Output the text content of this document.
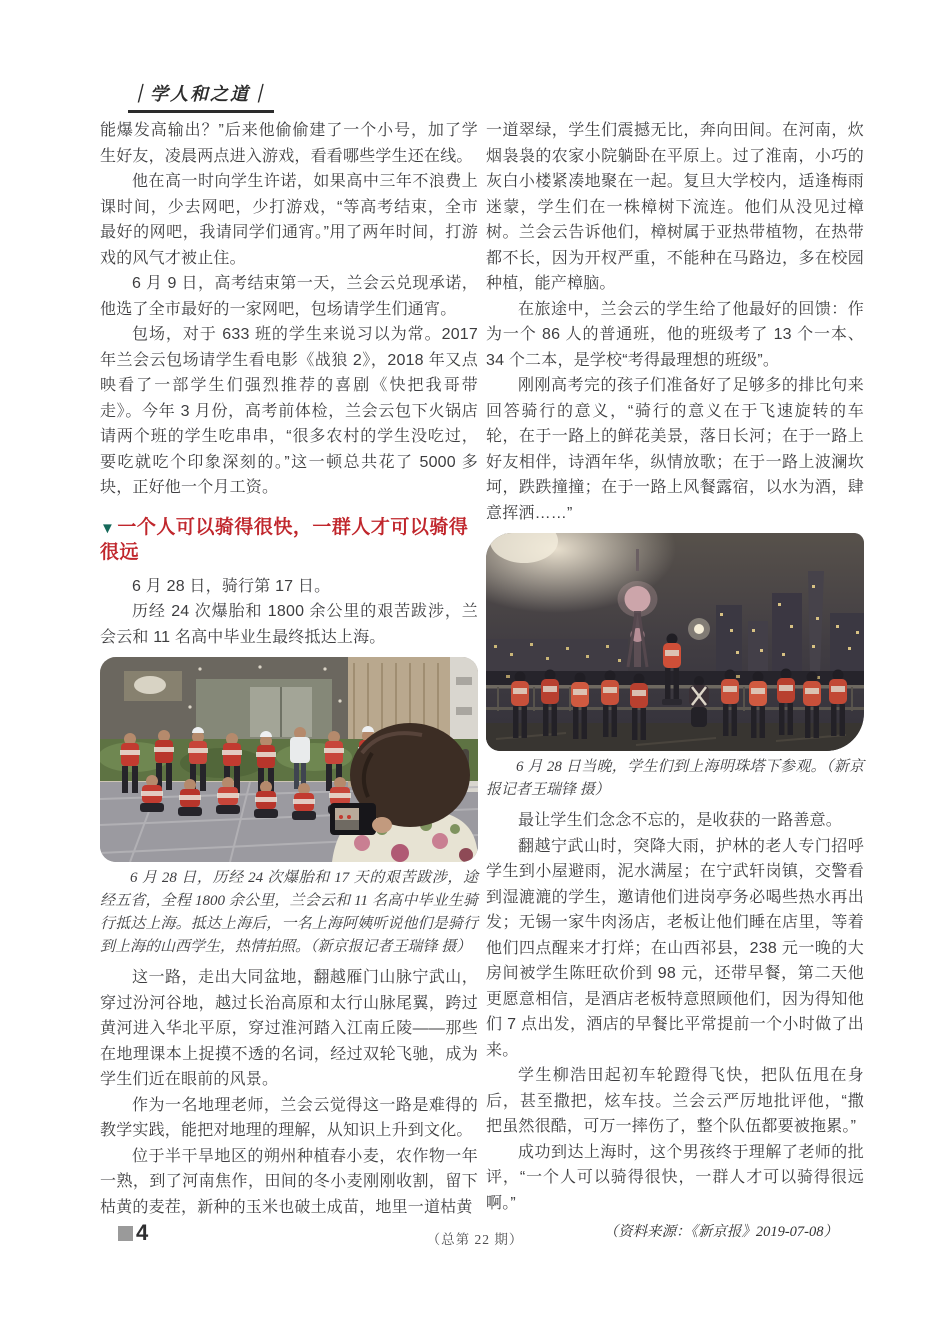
｜学人和之道｜

能爆发高输出？”后来他偷偷建了一个小号，加了学生好友，凌晨两点进入游戏，看看哪些学生还在线。

他在高一时向学生许诺，如果高中三年不浪费上课时间，少去网吧，少打游戏，“等高考结束，全市最好的网吧，我请同学们通宵。”用了两年时间，打游戏的风气才被止住。

6 月 9 日，高考结束第一天，兰会云兑现承诺，他选了全市最好的一家网吧，包场请学生们通宵。

包场，对于 633 班的学生来说习以为常。2017 年兰会云包场请学生看电影《战狼 2》，2018 年又点映看了一部学生们强烈推荐的喜剧《快把我哥带走》。今年 3 月份，高考前体检，兰会云包下火锅店请两个班的学生吃串串，“很多农村的学生没吃过，要吃就吃个印象深刻的。”这一顿总共花了 5000 多块，正好他一个月工资。

▼ 一个人可以骑得很快，一群人才可以骑得很远

6 月 28 日，骑行第 17 日。

历经 24 次爆胎和 1800 余公里的艰苦跋涉，兰会云和 11 名高中毕业生最终抵达上海。

6 月 28 日，历经 24 次爆胎和 17 天的艰苦跋涉，途经五省，全程 1800 余公里，兰会云和 11 名高中毕业生骑行抵达上海。抵达上海后，一名上海阿姨听说他们是骑行到上海的山西学生，热情拍照。（新京报记者王瑞锋 摄）

这一路，走出大同盆地，翻越雁门山脉宁武山，穿过汾河谷地，越过长治高原和太行山脉尾翼，跨过黄河进入华北平原，穿过淮河踏入江南丘陵——那些在地理课本上捉摸不透的名词，经过双轮飞驰，成为学生们近在眼前的风景。

作为一名地理老师，兰会云觉得这一路是难得的教学实践，能把对地理的理解，从知识上升到文化。

位于半干旱地区的朔州种植春小麦，农作物一年一熟，到了河南焦作，田间的冬小麦刚刚收割，留下枯黄的麦茬，新种的玉米也破土成苗，地里一道枯黄

一道翠绿，学生们震撼无比，奔向田间。在河南，炊烟袅袅的农家小院躺卧在平原上。过了淮南，小巧的灰白小楼紧凑地聚在一起。复旦大学校内，适逢梅雨迷蒙，学生们在一株樟树下流连。他们从没见过樟树。兰会云告诉他们，樟树属于亚热带植物，在热带都不长，因为开杈严重，不能种在马路边，多在校园种植，能产樟脑。

在旅途中，兰会云的学生给了他最好的回馈：作为一个 86 人的普通班，他的班级考了 13 个一本、34 个二本，是学校“考得最理想的班级”。

刚刚高考完的孩子们准备好了足够多的排比句来回答骑行的意义，“骑行的意义在于飞速旋转的车轮，在于一路上的鲜花美景，落日长河；在于一路上好友相伴，诗酒年华，纵情放歌；在于一路上波澜坎坷，跌跌撞撞；在于一路上风餐露宿，以水为酒，肆意挥洒……”

6 月 28 日当晚，学生们到上海明珠塔下参观。（新京报记者王瑞锋 摄）

最让学生们念念不忘的，是收获的一路善意。

翻越宁武山时，突降大雨，护林的老人专门招呼学生到小屋避雨，泥水满屋；在宁武轩岗镇，交警看到湿漉漉的学生，邀请他们进岗亭务必喝些热水再出发；无锡一家牛肉汤店，老板让他们睡在店里，等着他们四点醒来才打烊；在山西祁县，238 元一晚的大房间被学生陈旺砍价到 98 元，还带早餐，第二天他更愿意相信，是酒店老板特意照顾他们，因为得知他们 7 点出发，酒店的早餐比平常提前一个小时做了出来。

学生柳浩田起初车轮蹬得飞快，把队伍甩在身后，甚至撒把，炫车技。兰会云严厉地批评他，“撒把虽然很酷，可万一摔伤了，整个队伍都要被拖累。”

成功到达上海时，这个男孩终于理解了老师的批评，“一个人可以骑得很快，一群人才可以骑得很远啊。”

（资料来源：《新京报》2019-07-08）
4	（总第 22 期）
